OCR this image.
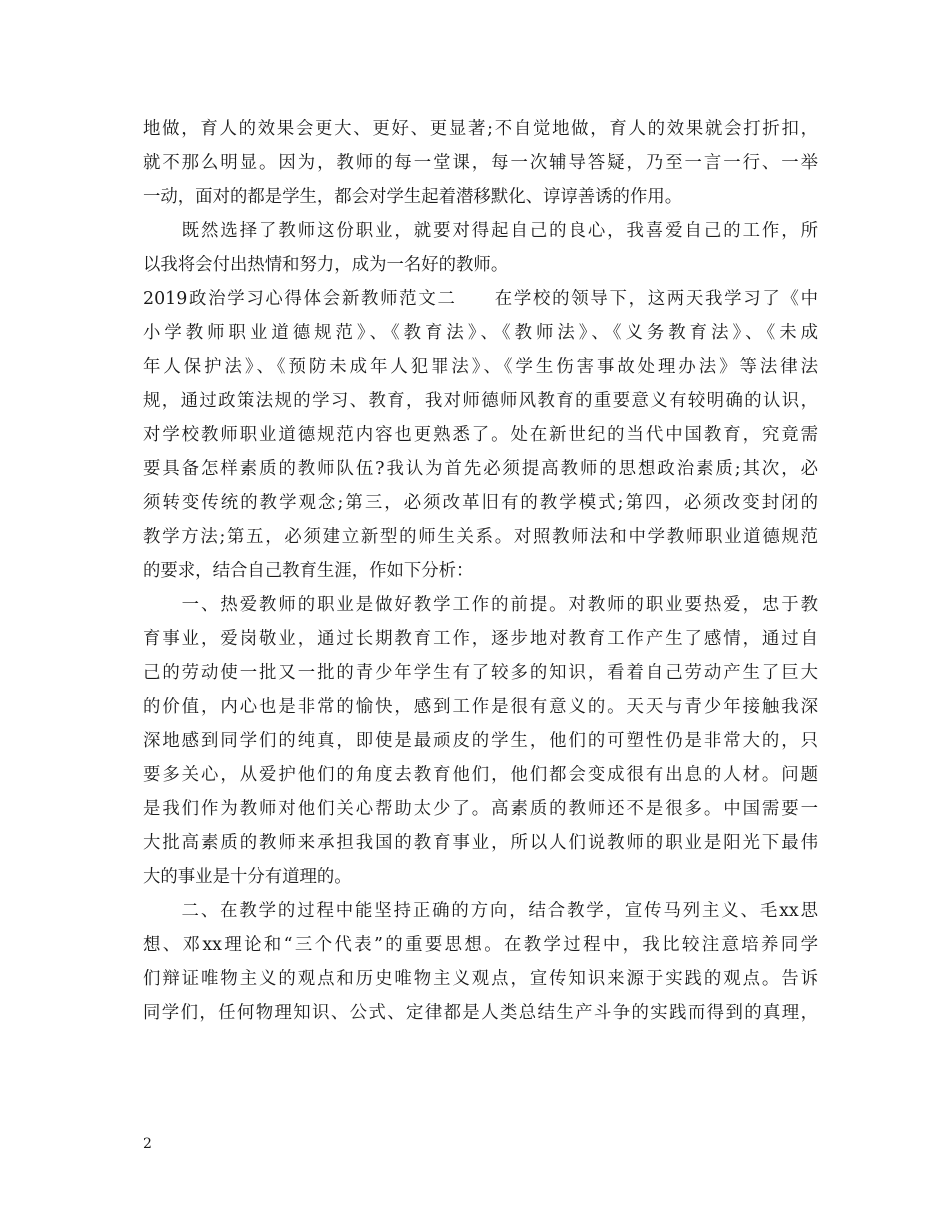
地做，育人的效果会更大、更好、更显著;不自觉地做，育人的效果就会打折扣，
就不那么明显。因为，教师的每一堂课，每一次辅导答疑，乃至一言一行、一举
一动，面对的都是学生，都会对学生起着潜移默化、谆谆善诱的作用。
　　既然选择了教师这份职业，就要对得起自己的良心，我喜爱自己的工作，所
以我将会付出热情和努力，成为一名好的教师。
2019政治学习心得体会新教师范文二　　在学校的领导下，这两天我学习了《中
小学教师职业道德规范》、《教育法》、《教师法》、《义务教育法》、《未成
年人保护法》、《预防未成年人犯罪法》、《学生伤害事故处理办法》等法律法
规，通过政策法规的学习、教育，我对师德师风教育的重要意义有较明确的认识，
对学校教师职业道德规范内容也更熟悉了。处在新世纪的当代中国教育，究竟需
要具备怎样素质的教师队伍?我认为首先必须提高教师的思想政治素质;其次，必
须转变传统的教学观念;第三，必须改革旧有的教学模式;第四，必须改变封闭的
教学方法;第五，必须建立新型的师生关系。对照教师法和中学教师职业道德规范
的要求，结合自己教育生涯，作如下分析：
　　一、热爱教师的职业是做好教学工作的前提。对教师的职业要热爱，忠于教
育事业，爱岗敬业，通过长期教育工作，逐步地对教育工作产生了感情，通过自
己的劳动使一批又一批的青少年学生有了较多的知识，看着自己劳动产生了巨大
的价值，内心也是非常的愉快，感到工作是很有意义的。天天与青少年接触我深
深地感到同学们的纯真，即使是最顽皮的学生，他们的可塑性仍是非常大的，只
要多关心，从爱护他们的角度去教育他们，他们都会变成很有出息的人材。问题
是我们作为教师对他们关心帮助太少了。高素质的教师还不是很多。中国需要一
大批高素质的教师来承担我国的教育事业，所以人们说教师的职业是阳光下最伟
大的事业是十分有道理的。
　　二、在教学的过程中能坚持正确的方向，结合教学，宣传马列主义、毛xx思
想、邓xx理论和“三个代表”的重要思想。在教学过程中，我比较注意培养同学
们辩证唯物主义的观点和历史唯物主义观点，宣传知识来源于实践的观点。告诉
同学们，任何物理知识、公式、定律都是人类总结生产斗争的实践而得到的真理，
2
